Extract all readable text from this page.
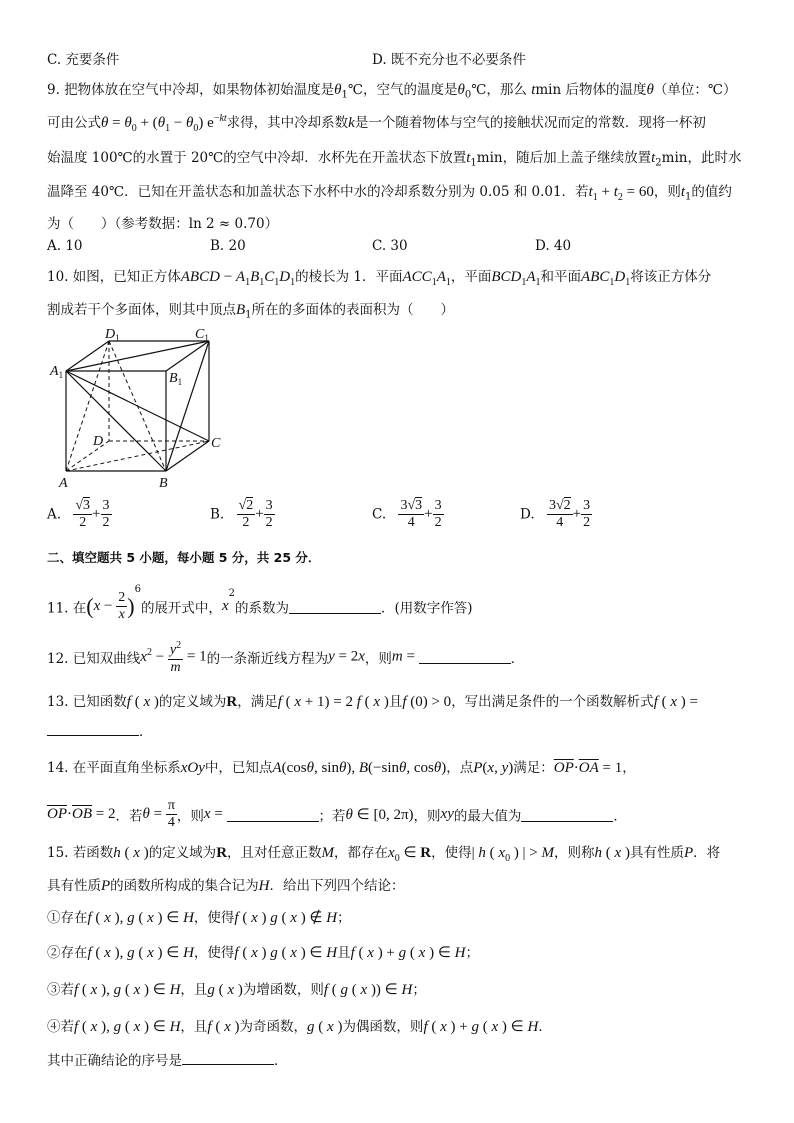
C. 充要条件	D. 既不充分也不必要条件
9. 把物体放在空气中冷却，如果物体初始温度是$\theta_1℃$，空气的温度是$\theta_0℃$，那么 tmin 后物体的温度θ（单位：℃）
可由公式$\theta = \theta_0 + (\theta_1 - \theta_0)$ $e^{-kt}$求得，其中冷却系数k是一个随着物体与空气的接触状况而定的常数．现将一杯初
始温度 100℃的水置于 20℃的空气中冷却．水杯先在开盖状态下放置$t_1\min$，随后加上盖子继续放置$t_2\min$，此时水
温降至 40℃．已知在开盖状态和加盖状态下水杯中水的冷却系数分别为 0.05 和 0.01．若$t_1 + t_2 = 60$，则$t_1$的值约
为（　　）（参考数据：ln 2 ≈ 0.70）
A. 10	B. 20	C. 30	D. 40
10. 如图，已知正方体ABCD − $A_1B_1C_1D_1$的棱长为 1．平面$ACC_1A_1$，平面$BCD_1A_1$和平面$ABC_1D_1$将该正方体分
割成若干个多面体，则其中顶点$B_1$所在的多面体的表面积为（　　）
$D_1$	$C_1$
$A_1$	$B_1$
D	C
A	B
A. $\frac{√3}{2} + \frac{3}{2}$	B. $\frac{√2}{2} + \frac{3}{2}$	C. $\frac{3√3}{4} + \frac{3}{2}$	D. $\frac{3√2}{4} + \frac{3}{2}$
二、填空题共 5 小题，每小题 5 分，共 25 分．
11. 在$(x - \frac{2}{x} )^6$的展开式中，$x^2$的系数为	．(用数字作答)
12. 已知双曲线$x^2 - \frac{y^2}{m} = 1$的一条渐近线方程为y = 2x，则m =	．
13. 已知函数f ( x )的定义域为R，满足f ( x + 1) = 2 f ( x )且f (0) > 0，写出满足条件的一个函数解析式f ( x ) =
．
14. 在平面直角坐标系xOy中，已知点A(cosθ, sinθ), B(−sinθ, cosθ)，点P(x, y)满足：$\overline{OP}\cdot\overline{OA} = 1$，
$\overline{OP}\cdot\overline{OB} = 2$．若$\theta = \frac{\pi}{4}$ ，则x =	；若θ ∈ [0, 2π)，则xy的最大值为	．
15. 若函数h ( x )的定义域为R，且对任意正数M，都存在$x_0$ ∈ R，使得| h ( $x_0$ ) | > M，则称h ( x )具有性质P．将
具有性质P的函数所构成的集合记为H．给出下列四个结论：
①存在f ( x ), g ( x ) ∈ H，使得f ( x ) g ( x ) ∉ H；
②存在f ( x ), g ( x ) ∈ H，使得f ( x ) g ( x ) ∈ H且f ( x ) + g ( x ) ∈ H；
③若f ( x ), g ( x ) ∈ H，且g ( x )为增函数，则f ( g ( x )) ∈ H；
④若f ( x ), g ( x ) ∈ H，且f ( x )为奇函数，g ( x )为偶函数，则f ( x ) + g ( x ) ∈ H．
其中正确结论的序号是	．
